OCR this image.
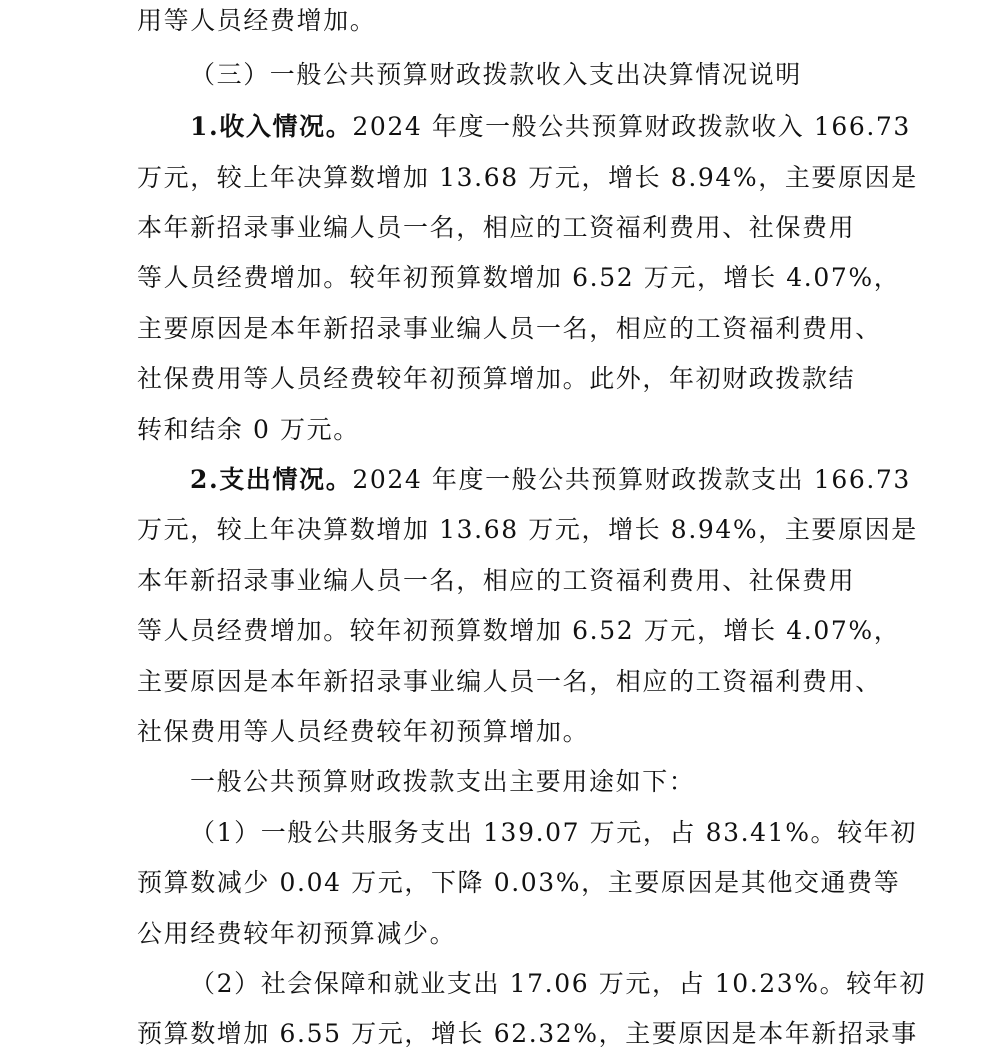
用等人员经费增加。
（三）一般公共预算财政拨款收入支出决算情况说明
1.收入情况。2024 年度一般公共预算财政拨款收入 166.73
万元，较上年决算数增加 13.68 万元，增长 8.94%，主要原因是
本年新招录事业编人员一名，相应的工资福利费用、社保费用
等人员经费增加。较年初预算数增加 6.52 万元，增长 4.07%，
主要原因是本年新招录事业编人员一名，相应的工资福利费用、
社保费用等人员经费较年初预算增加。此外，年初财政拨款结
转和结余 0 万元。
2.支出情况。2024 年度一般公共预算财政拨款支出 166.73
万元，较上年决算数增加 13.68 万元，增长 8.94%，主要原因是
本年新招录事业编人员一名，相应的工资福利费用、社保费用
等人员经费增加。较年初预算数增加 6.52 万元，增长 4.07%，
主要原因是本年新招录事业编人员一名，相应的工资福利费用、
社保费用等人员经费较年初预算增加。
一般公共预算财政拨款支出主要用途如下：
（1）一般公共服务支出 139.07 万元，占 83.41%。较年初
预算数减少 0.04 万元，下降 0.03%，主要原因是其他交通费等
公用经费较年初预算减少。
（2）社会保障和就业支出 17.06 万元，占 10.23%。较年初
预算数增加 6.55 万元，增长 62.32%，主要原因是本年新招录事
